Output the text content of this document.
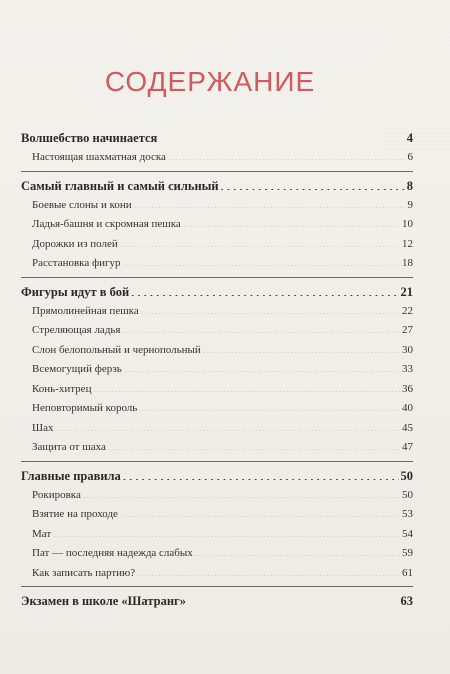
СОДЕРЖАНИЕ
Волшебство начинается . . .	4
Настоящая шахматная доска . . .	6
Самый главный и самый сильный . . .	8
Боевые слоны и кони . . .	9
Ладья-башня и скромная пешка . . .	10
Дорожки из полей . . .	12
Расстановка фигур . . .	18
Фигуры идут в бой . . .	21
Прямолинейная пешка . . .	22
Стреляющая ладья . . .	27
Слон белопольный и чернопольный . . .	30
Всемогущий ферзь . . .	33
Конь-хитрец . . .	36
Неповторимый король . . .	40
Шах . . .	45
Защита от шаха . . .	47
Главные правила . . .	50
Рокировка . . .	50
Взятие на проходе . . .	53
Мат . . .	54
Пат — последняя надежда слабых . . .	59
Как записать партию? . . .	61
Экзамен в школе «Шатранг» . . .	63
